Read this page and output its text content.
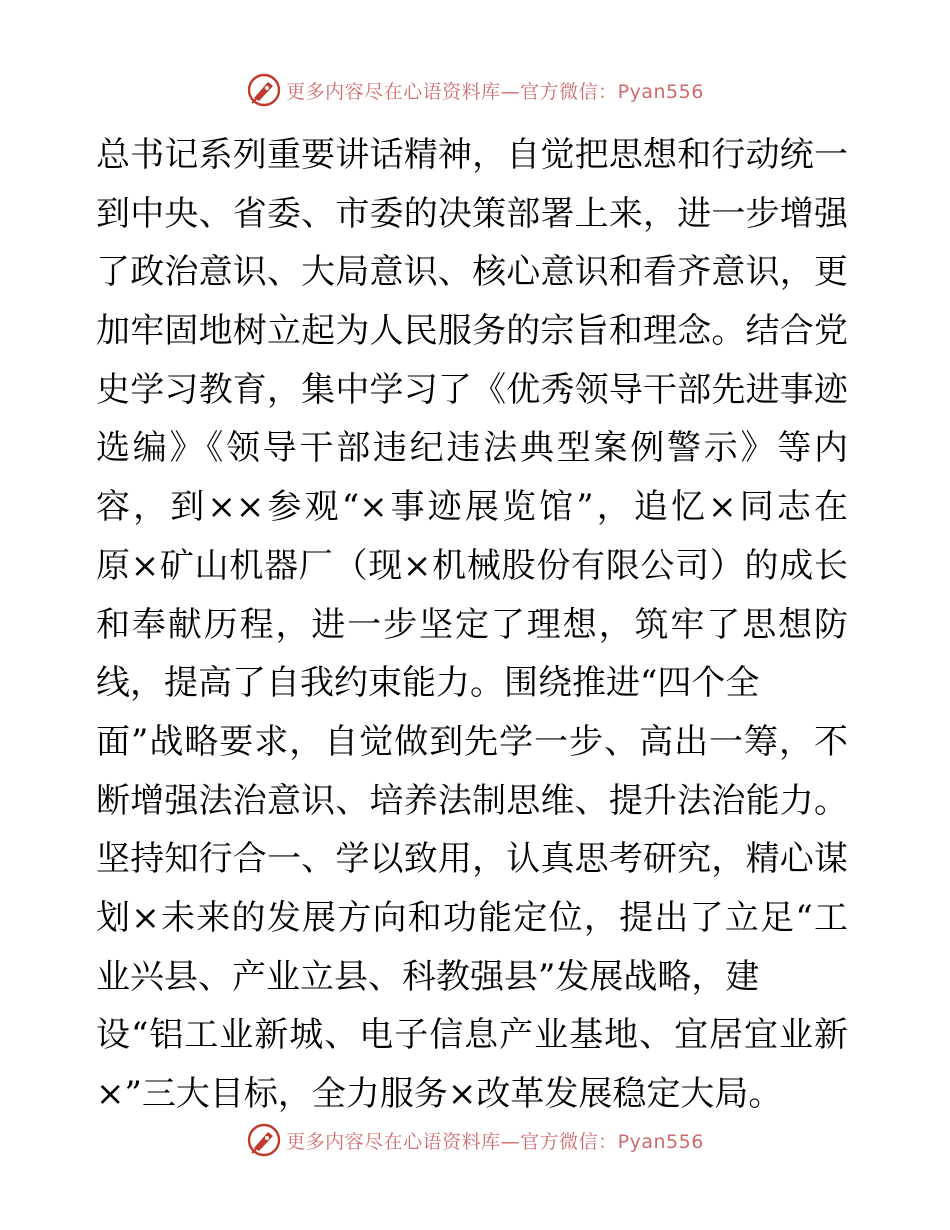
更多内容尽在心语资料库—官方微信：Pyan556
总书记系列重要讲话精神，自觉把思想和行动统一
到中央、省委、市委的决策部署上来，进一步增强
了政治意识、大局意识、核心意识和看齐意识，更
加牢固地树立起为人民服务的宗旨和理念。结合党
史学习教育，集中学习了《优秀领导干部先进事迹
选编》《领导干部违纪违法典型案例警示》等内
容，到××参观“×事迹展览馆”，追忆×同志在
原×矿山机器厂（现×机械股份有限公司）的成长
和奉献历程，进一步坚定了理想，筑牢了思想防
线，提高了自我约束能力。围绕推进“四个全
面”战略要求，自觉做到先学一步、高出一筹，不
断增强法治意识、培养法制思维、提升法治能力。
坚持知行合一、学以致用，认真思考研究，精心谋
划×未来的发展方向和功能定位，提出了立足“工
业兴县、产业立县、科教强县”发展战略，建
设“铝工业新城、电子信息产业基地、宜居宜业新
×”三大目标，全力服务×改革发展稳定大局。
更多内容尽在心语资料库—官方微信：Pyan556
